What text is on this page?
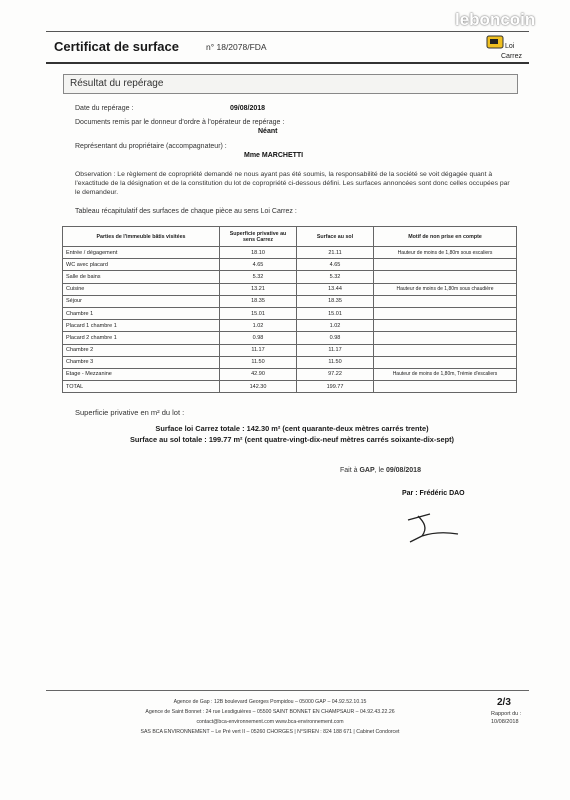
Certificat de surface	n° 18/2078/FDA	Loi
Carrez
leboncoin
Résultat du repérage
Date du repérage :	09/08/2018
Documents remis par le donneur d'ordre à l'opérateur de repérage :
Néant
Représentant du propriétaire (accompagnateur) :
Mme MARCHETTI
Observation : Le règlement de copropriété demandé ne nous ayant pas été soumis, la responsabilité de la société se voit dégagée quant à l'exactitude de la désignation et de la constitution du lot de copropriété ci-dessous défini. Les surfaces annoncées sont donc celles occupées par le demandeur.
Tableau récapitulatif des surfaces de chaque pièce au sens Loi Carrez :
Parties de l'immeuble bâtis visitées	Superficie privative au sens Carrez	Surface au sol	Motif de non prise en compte
Entrée / dégagement	18.10	21.11	Hauteur de moins de 1,80m sous escaliers
WC avec placard	4.65	4.65	
Salle de bains	5.32	5.32	
Cuisine	13.21	13.44	Hauteur de moins de 1,80m sous chaudière
Séjour	18.35	18.35	
Chambre 1	15.01	15.01	
Placard 1 chambre 1	1.02	1.02	
Placard 2 chambre 1	0.98	0.98	
Chambre 2	11.17	11.17	
Chambre 3	11.50	11.50	
Etage - Mezzanine	42.90	97.22	Hauteur de moins de 1,80m, Trémie d'escaliers
TOTAL	142.30	199.77	
Superficie privative en m² du lot :
Surface loi Carrez totale : 142.30 m² (cent quarante-deux mètres carrés trente)
Surface au sol totale : 199.77 m² (cent quatre-vingt-dix-neuf mètres carrés soixante-dix-sept)
Fait à GAP, le 09/08/2018
Par : Frédéric DAO
Agence de Gap : 12B boulevard Georges Pompidou – 05000 GAP – 04.92.52.10.15
Agence de Saint Bonnet : 24 rue Lesdiguières – 05500 SAINT BONNET EN CHAMPSAUR – 04.92.43.22.26
contact@bca-environnement.com www.bca-environnement.com
SAS BCA ENVIRONNEMENT – Le Pré vert II – 05260 CHORGES | N°SIREN : 824 188 671 | Cabinet Condorcet
2/3
Rapport du :
10/08/2018
